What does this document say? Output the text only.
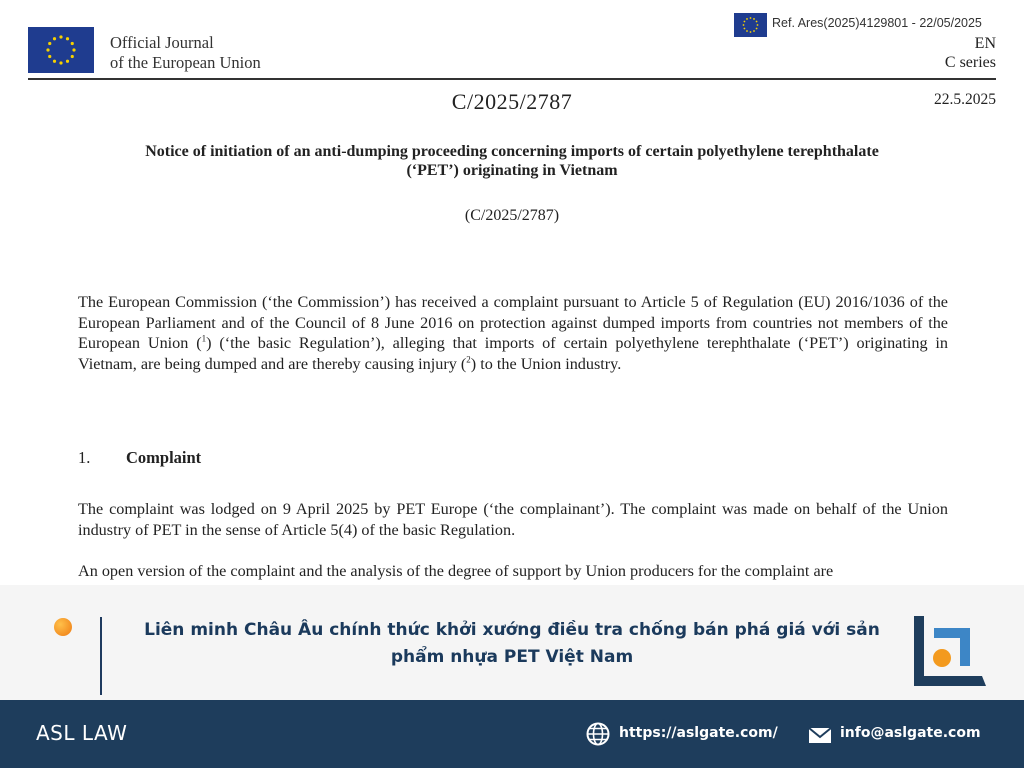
Official Journal
of the European Union
Ref. Ares(2025)4129801 - 22/05/2025
EN
C series
C/2025/2787	22.5.2025
Notice of initiation of an anti-dumping proceeding concerning imports of certain polyethylene terephthalate (‘PET’) originating in Vietnam
(C/2025/2787)
The European Commission (‘the Commission’) has received a complaint pursuant to Article 5 of Regulation (EU) 2016/1036 of the European Parliament and of the Council of 8 June 2016 on protection against dumped imports from countries not members of the European Union ($^1$) (‘the basic Regulation’), alleging that imports of certain polyethylene terephthalate (‘PET’) originating in Vietnam, are being dumped and are thereby causing injury ($^2$) to the Union industry.
1. Complaint
The complaint was lodged on 9 April 2025 by PET Europe (‘the complainant’). The complaint was made on behalf of the Union industry of PET in the sense of Article 5(4) of the basic Regulation.
An open version of the complaint and the analysis of the degree of support by Union producers for the complaint are
Liên minh Châu Âu chính thức khởi xướng điều tra chống bán phá giá với sản phẩm nhựa PET Việt Nam
ASL LAW	https://aslgate.com/	info@aslgate.com
